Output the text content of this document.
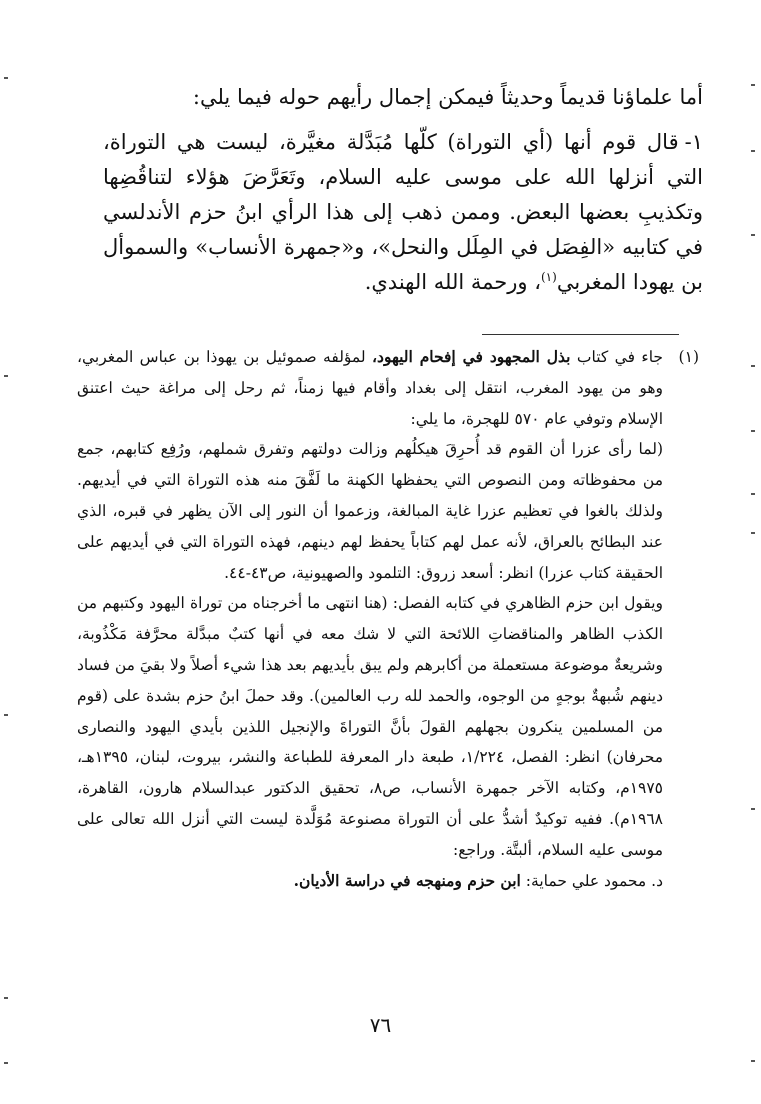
أما علماؤنا قديماً وحديثاً فيمكن إجمال رأيهم حوله فيما يلي:

١-قال قوم أنها (أي التوراة) كلّها مُبَدَّلة مغيَّرة، ليست هي التوراة، التي أنزلها الله على موسى عليه السلام، وتَعَرَّضَ هؤلاء لتناقُضِها وتكذيبِ بعضها البعض. وممن ذهب إلى هذا الرأي ابنُ حزم الأندلسي في كتابيه «الفِصَل في المِلَل والنحل»، و«جمهرة الأنساب» والسموأل بن يهودا المغربي$^{(١)}$، ورحمة الله الهندي.

(١)

جاء في كتاب بذل المجهود في إفحام اليهود، لمؤلفه صموئيل بن يهوذا بن عباس المغربي، وهو من يهود المغرب، انتقل إلى بغداد وأقام فيها زمناً، ثم رحل إلى مراغة حيث اعتنق الإسلام وتوفي عام ٥٧٠ للهجرة، ما يلي:

(لما رأى عزرا أن القوم قد أُحرِقَ هيكلُهم وزالت دولتهم وتفرق شملهم، ورُفِع كتابهم، جمع من محفوظاته ومن النصوص التي يحفظها الكهنة ما لَفَّقَ منه هذه التوراة التي في أيديهم. ولذلك بالغوا في تعظيم عزرا غاية المبالغة، وزعموا أن النور إلى الآن يظهر في قبره، الذي عند البطائح بالعراق، لأنه عمل لهم كتاباً يحفظ لهم دينهم، فهذه التوراة التي في أيديهم على الحقيقة كتاب عزرا) انظر: أسعد زروق: التلمود والصهيونية، ص٤٣-٤٤.

ويقول ابن حزم الظاهري في كتابه الفصل: (هنا انتهى ما أخرجناه من توراة اليهود وكتبهم من الكذب الظاهر والمناقضاتِ اللائحة التي لا شك معه في أنها كتبٌ مبدَّلة محرَّفة مَكْذُوبة، وشريعةٌ موضوعة مستعملة من أكابرهم ولم يبق بأيديهم بعد هذا شيء أصلاً ولا بقيَ من فساد دينهم شُبهةٌ بوجهٍ من الوجوه، والحمد لله رب العالمين). وقد حملَ ابنُ حزم بشدة على (قوم من المسلمين ينكرون بجهلهم القولَ بأنَّ التوراةَ والإنجيل اللذين بأيدي اليهود والنصارى محرفان) انظر: الفصل، ١/٢٢٤، طبعة دار المعرفة للطباعة والنشر، بيروت، لبنان، ١٣٩٥هـ، ١٩٧٥م، وكتابه الآخر جمهرة الأنساب، ص٨، تحقيق الدكتور عبدالسلام هارون، القاهرة، ١٩٦٨م). ففيه توكيدٌ أشدُّ على أن التوراة مصنوعة مُوَلَّدة ليست التي أنزل الله تعالى على موسى عليه السلام، ألبتَّة. وراجع:

د. محمود علي حماية: ابن حزم ومنهجه في دراسة الأديان.

٧٦
